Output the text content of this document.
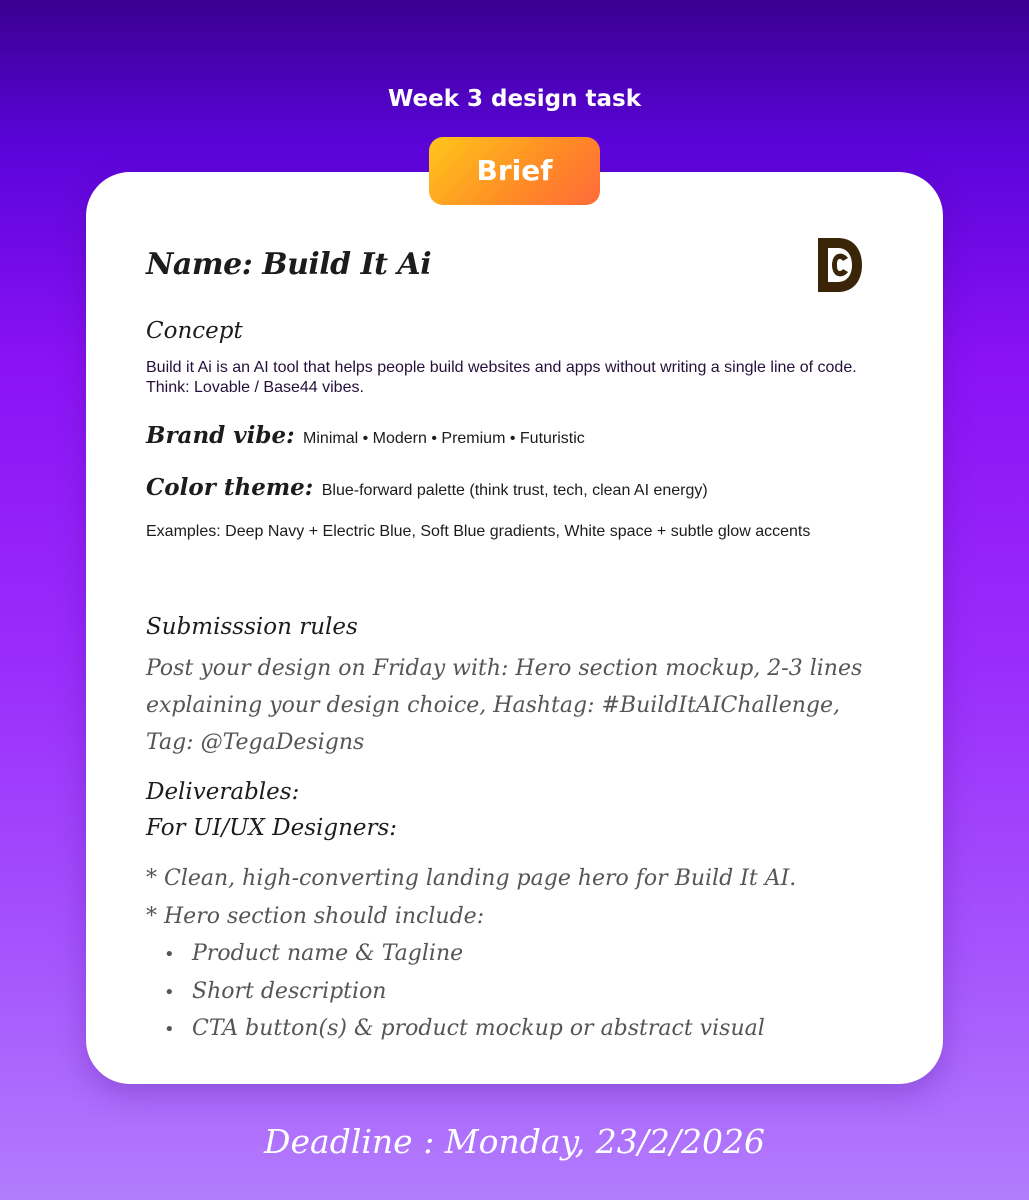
Week 3 design task
Brief
Name: Build It Ai
Concept
Build it Ai is an AI tool that helps people build websites and apps without writing a single line of code. Think: Lovable / Base44 vibes.
Brand vibe: Minimal • Modern • Premium • Futuristic
Color theme: Blue-forward palette (think trust, tech, clean AI energy)
Examples: Deep Navy + Electric Blue, Soft Blue gradients, White space + subtle glow accents
Submisssion rules
Post your design on Friday with: Hero section mockup, 2-3 lines explaining your design choice, Hashtag: #BuildItAIChallenge, Tag: @TegaDesigns
Deliverables:
For UI/UX Designers:
* Clean, high-converting landing page hero for Build It AI.
* Hero section should include:
• Product name & Tagline
• Short description
• CTA button(s) & product mockup or abstract visual
Deadline : Monday, 23/2/2026
